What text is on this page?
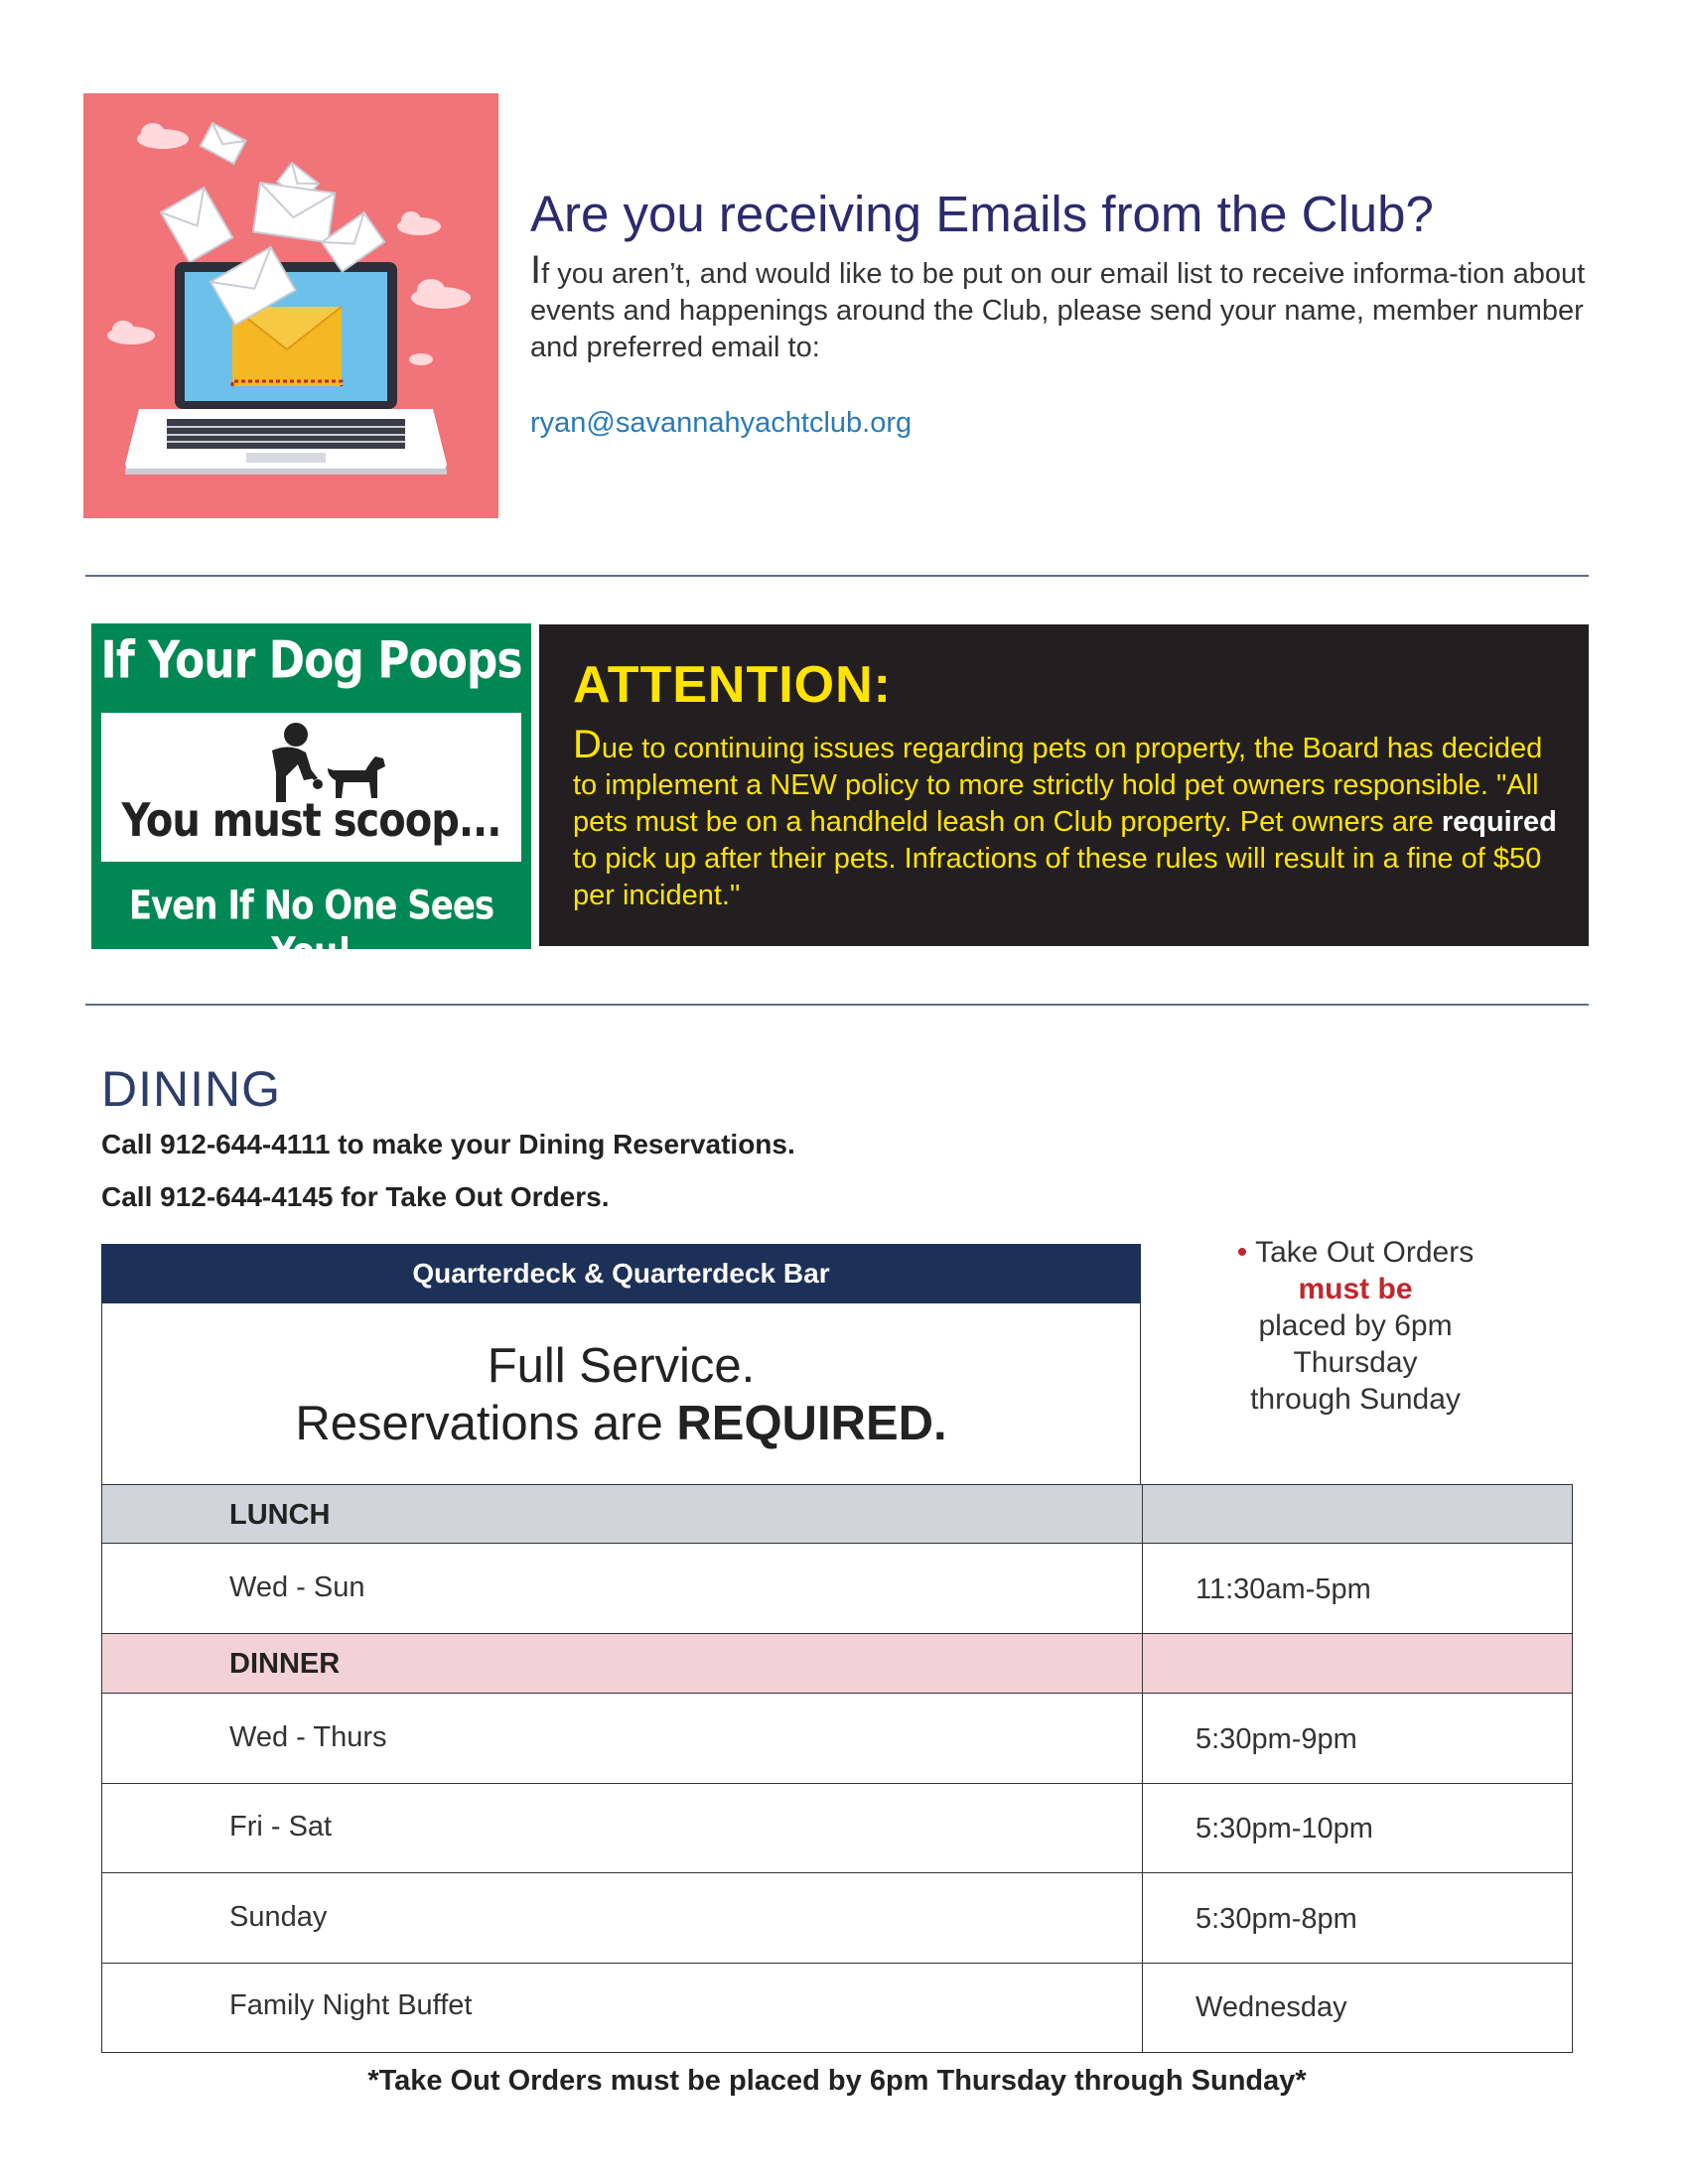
Are you receiving Emails from the Club?
If you aren’t, and would like to be put on our email list to receive informa-tion about events and happenings around the Club, please send your name, member number and preferred email to:
ryan@savannahyachtclub.org
If Your Dog Poops
You must scoop...
Even If No One Sees You!
ATTENTION:
Due to continuing issues regarding pets on property, the Board has decided to implement a NEW policy to more strictly hold pet owners responsible. "All pets must be on a handheld leash on Club property. Pet owners are required to pick up after their pets. Infractions of these rules will result in a fine of $50 per incident."
DINING
Call 912-644-4111 to make your Dining Reservations.
Call 912-644-4145 for Take Out Orders.
Quarterdeck & Quarterdeck Bar
Full Service.
Reservations are REQUIRED.
• Take Out Orders
must be
placed by 6pm
Thursday
through Sunday
LUNCH
Wed - Sun	11:30am-5pm
DINNER
Wed - Thurs	5:30pm-9pm
Fri - Sat	5:30pm-10pm
Sunday	5:30pm-8pm
Family Night Buffet	Wednesday
*Take Out Orders must be placed by 6pm Thursday through Sunday*
